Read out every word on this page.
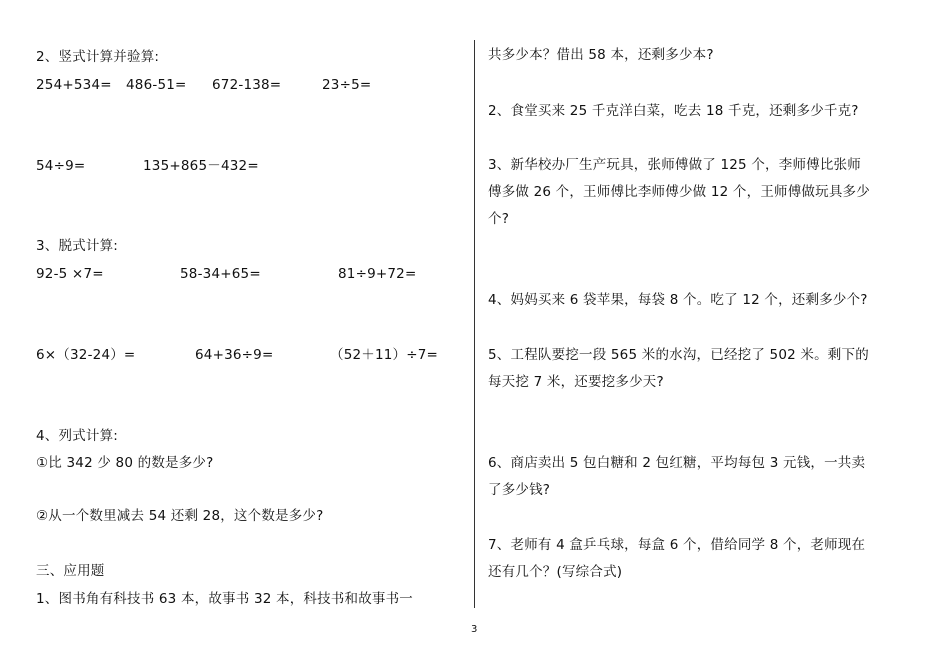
2、竖式计算并验算:
254+534= 486-51= 672-138=	23÷5=
54÷9=	135+865－432=
3、脱式计算:
92-5 ×7=	58-34+65=	81÷9+72=
6×（32-24）=	64+36÷9=	（52＋11）÷7=
4、列式计算:
①比 342 少 80 的数是多少?
②从一个数里减去 54 还剩 28，这个数是多少?
三、应用题
1、图书角有科技书 63 本，故事书 32 本，科技书和故事书一
共多少本？借出 58 本，还剩多少本?
2、食堂买来 25 千克洋白菜，吃去 18 千克，还剩多少千克?
3、新华校办厂生产玩具，张师傅做了 125 个，李师傅比张师
傅多做 26 个，王师傅比李师傅少做 12 个，王师傅做玩具多少
个?
4、妈妈买来 6 袋苹果，每袋 8 个。吃了 12 个，还剩多少个?
5、工程队要挖一段 565 米的水沟，已经挖了 502 米。剩下的
每天挖 7 米，还要挖多少天?
6、商店卖出 5 包白糖和 2 包红糖，平均每包 3 元钱，一共卖
了多少钱?
7、老师有 4 盒乒乓球，每盒 6 个，借给同学 8 个，老师现在
还有几个？(写综合式)
3
